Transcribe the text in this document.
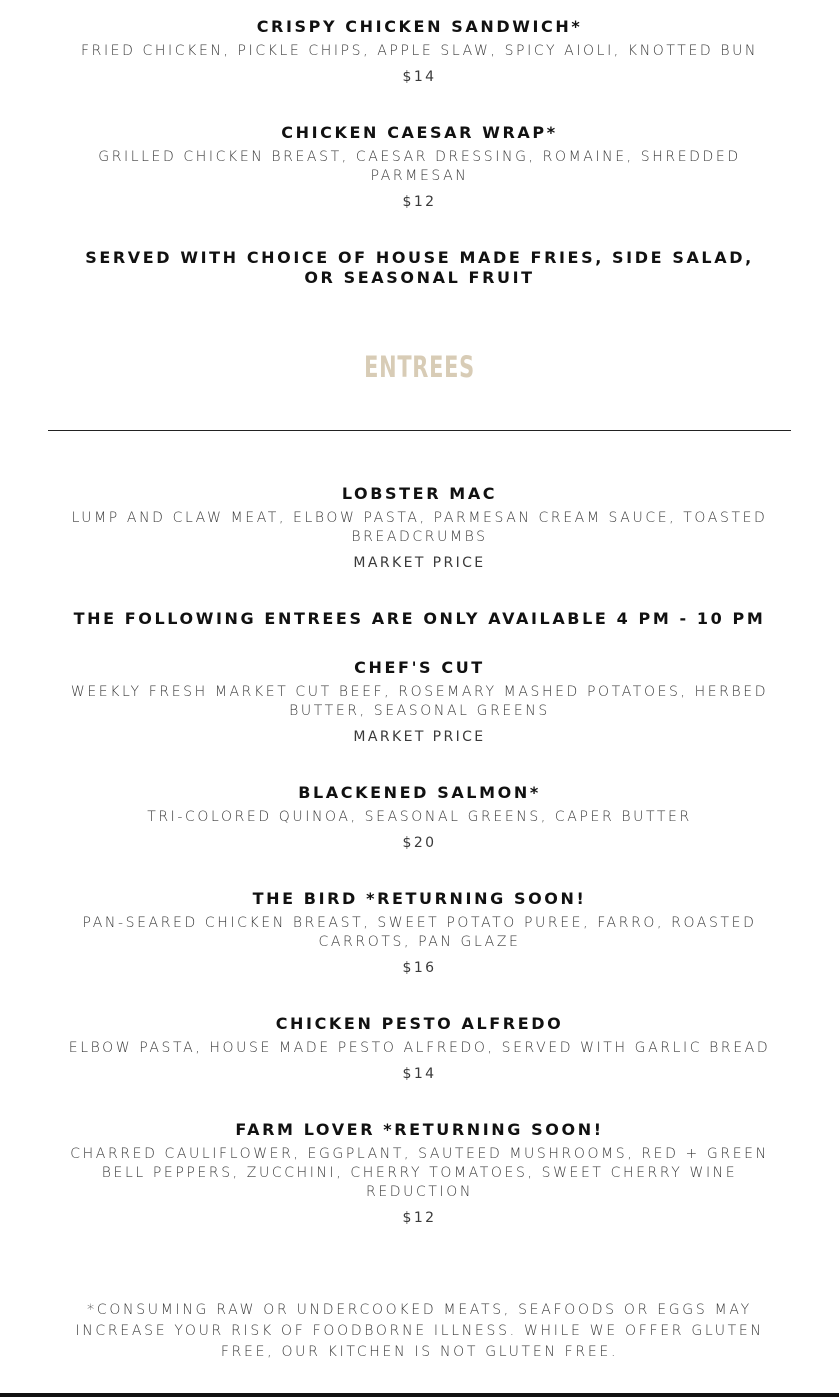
CRISPY CHICKEN SANDWICH*
FRIED CHICKEN, PICKLE CHIPS, APPLE SLAW, SPICY AIOLI, KNOTTED BUN
$14
CHICKEN CAESAR WRAP*
GRILLED CHICKEN BREAST, CAESAR DRESSING, ROMAINE, SHREDDED PARMESAN
$12
SERVED WITH CHOICE OF HOUSE MADE FRIES, SIDE SALAD, OR SEASONAL FRUIT
ENTREES
LOBSTER MAC
LUMP AND CLAW MEAT, ELBOW PASTA, PARMESAN CREAM SAUCE, TOASTED BREADCRUMBS
MARKET PRICE
THE FOLLOWING ENTREES ARE ONLY AVAILABLE 4 PM - 10 PM
CHEF'S CUT
WEEKLY FRESH MARKET CUT BEEF, ROSEMARY MASHED POTATOES, HERBED BUTTER, SEASONAL GREENS
MARKET PRICE
BLACKENED SALMON*
TRI-COLORED QUINOA, SEASONAL GREENS, CAPER BUTTER
$20
THE BIRD *RETURNING SOON!
PAN-SEARED CHICKEN BREAST, SWEET POTATO PUREE, FARRO, ROASTED CARROTS, PAN GLAZE
$16
CHICKEN PESTO ALFREDO
ELBOW PASTA, HOUSE MADE PESTO ALFREDO, SERVED WITH GARLIC BREAD
$14
FARM LOVER *RETURNING SOON!
CHARRED CAULIFLOWER, EGGPLANT, SAUTEED MUSHROOMS, RED + GREEN BELL PEPPERS, ZUCCHINI, CHERRY TOMATOES, SWEET CHERRY WINE REDUCTION
$12
*CONSUMING RAW OR UNDERCOOKED MEATS, SEAFOODS OR EGGS MAY INCREASE YOUR RISK OF FOODBORNE ILLNESS. WHILE WE OFFER GLUTEN FREE, OUR KITCHEN IS NOT GLUTEN FREE.
